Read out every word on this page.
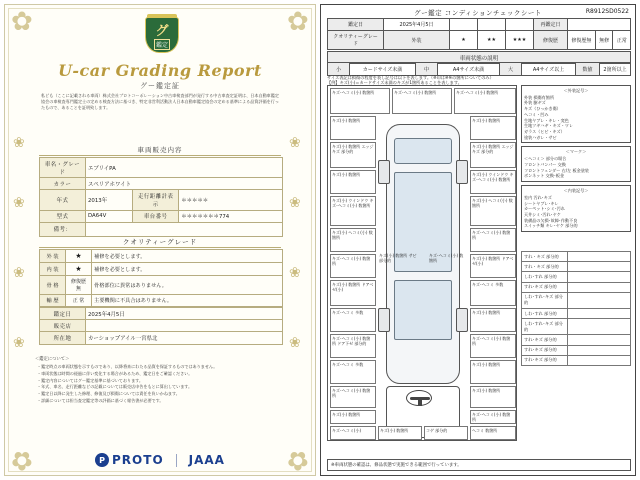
✿	✿
✿	✿
❀
❀
❀
❀
❀
❀
❀
❀
グ
鑑定
U-car Grading Report
グー鑑定証
私ども（ここに記載される車両）株式会社プロトコーポレーション中古車検査部門が発行する中古車査定証明は、日本自動車鑑定協会の車検査専門鑑定士の定める検査方法に基づき、特定非営利活動法人日本自動車鑑定協会の定める基準による品質評価を行ったもので、あることを証明致します。
車両販売内容
車名・グレード	エブリイPA		
カラー	スペリアホワイト		
年式	2013年	走行距離計表示	＊＊＊＊＊
型式	DA64V	車台番号	＊＊＊＊＊＊＊774
備考：			
クオリティーグレード
外 装	★	補修を必要とします。
内 装	★	補修を必要とします。
骨 格	修復歴 無	骨格部位に異常はありません。
輸 歴	正 常	主要機関に不具合はありません。
鑑定日	2025年4月5日
販売店	
所在地	カーショップアイル一宮県北
＜鑑定について＞
・鑑定時点の車両状態を示すものであり、以降将来にわたる品質を保証するものではありません。
・車両状態は時間の経過に伴い変化する場合があるため、鑑定日をご確認ください。
・鑑定内容についてはグー鑑定基準に基づいております。
・年式、車名、走行距離などの記載については販売店申告をもとに算出しています。
・鑑定日以降に発生した修理、修復及び損傷については責任を負いかねます。
・詳細については担当査定鑑定等の評価に基づく報告書が必要です。
P PROTO JAAA
グー鑑定 コンディションチェックシート	R8912SD0522
鑑定日	2025年4月5日				再鑑定日			
クオリティーグレード	外装	★	★★	★★★	修復歴	修復歴無	無修	正常
車両状態の説明
小	カードサイズ未満	中	A4サイズ未満	大	A4サイズ以上	数値	2箇所以上
サイズ表記は損傷の程度を表し記号は以下を表します。（※印は※※の箇所についてのみ）
【例】キズ(小)＝カードサイズ未満のキズが1箇所あることを表します。
キズ･ヘコミ(小) 数箇所	キズ･ヘコミ(小) 数箇所	キズ･ヘコミ(小) 数箇所
キズ(小) 数箇所
キズ(小) 数箇所 エッジキズ 部分的
キズ(小) 数箇所
キズ(小) ウインドウ キズ･ヘコミ(小) 数箇所
キズ(小) ヘコミ(小) 数箇所
キズ･ヘコミ(小) 数箇所
キズ(小) 数箇所 ドアベゼ(小)
キズ･ヘコミ 多数
キズ･ヘコミ(小) 数箇所 ドア下ゼ 部分的
キズ･ヘコミ 多数
キズ(小) 数箇所
キズ(小) 数箇所 エッジキズ 部分的
キズ(小) ウインドウ キズ･ヘコミ(小) 数箇所
キズ(小) ヘコミ(小) 数箇所
キズ･ヘコミ(小) 数箇所
キズ(小) 数箇所 ドアベゼ(小)
キズ･ヘコミ 多数
キズ(小) 数箇所
キズ･ヘコミ(小) 数箇所
キズ(小) 数箇所
キズ(小) 数箇所 サビ 部分的
キズ･ヘコミ(小) 数箇所
キズ･ヘコミ(小) 数箇所
キズ(小) 数箇所
キズ･ヘコミ(小)
キズ(小) 数箇所
キズ･ヘコミ(小) 数箇所
ヘコミ 数箇所
キズ(小) 数箇所	コゲ 部分的
＜外装記号＞
外装 損傷有箇所
外装 膨ギズ
キズ（ひっかき傷）
ヘコミ・凹み
生地ヤブレ・キレ・変色
生地ツギハギ・キズ・ワレ
ガラス（ヒビ・キズ）
塗装ハガレ・サビ
＜マーク＞
＜ヘコミ＞ 部分の場合
フロントバンパー 交換
フロントフェンダー 右/左 板金塗装
ボンネット 交換･板金
＜内装記号＞
室内 汚れ･キズ
シートヤブレ･キレ
カーペット･シミ･汚れ
天井シミ･汚れ･ヤケ
装備品の欠損･故障･作動不良
スイッチ類 キレ･ヤケ 部分的
すれ・キズ 部分的	
すれ・キズ 部分的	
しわ･すれ 部分的	
すれ･キズ 部分的	
しわ･すれ･キズ 部分的	
しわ･すれ 部分的	
しわ･すれ･キズ 部分的	
すれ･キズ 部分的	
すれ･キズ 部分的	
すれ･キズ 部分的	
※車両状態の確認は、修品状態で実施できる範囲で行っています。
